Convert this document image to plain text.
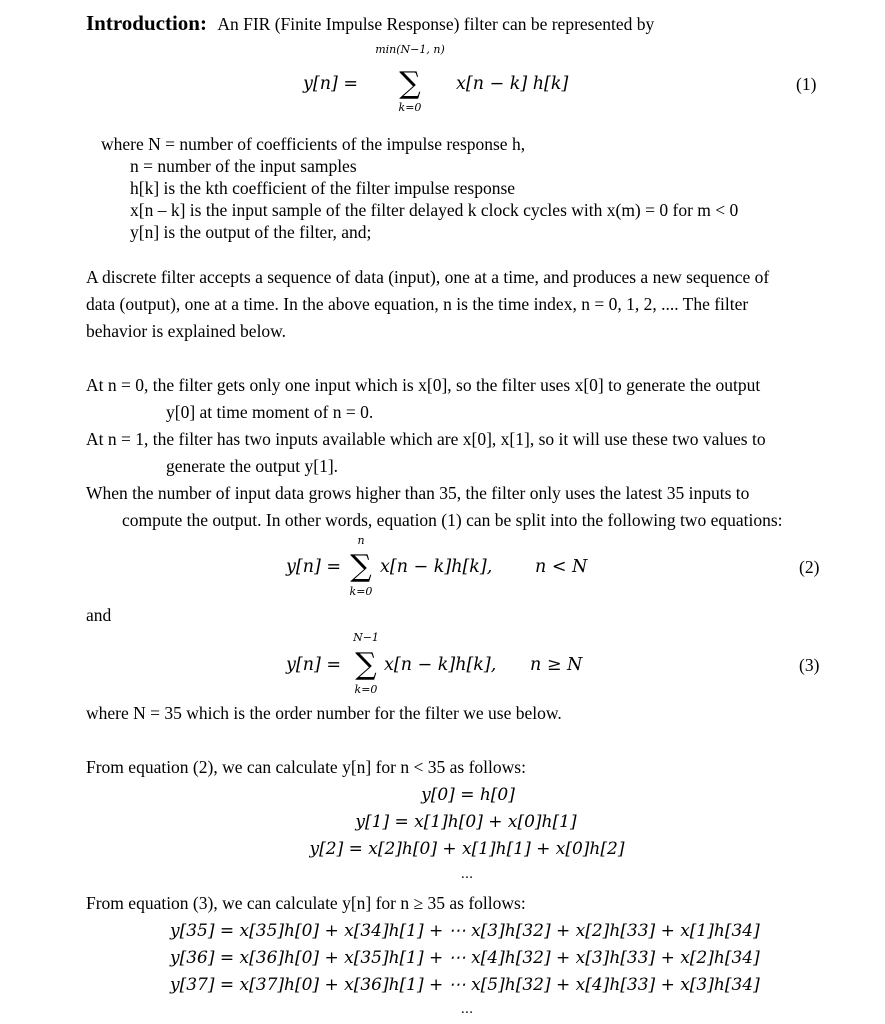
Introduction: An FIR (Finite Impulse Response) filter can be represented by
y[n] =
min(N−1, n)
∑
k=0
x[n − k] h[k]	(1)
where N = number of coefficients of the impulse response h,
n = number of the input samples
h[k] is the kth coefficient of the filter impulse response
x[n – k] is the input sample of the filter delayed k clock cycles with x(m) = 0 for m < 0
y[n] is the output of the filter, and;
A discrete filter accepts a sequence of data (input), one at a time, and produces a new sequence of
data (output), one at a time. In the above equation, n is the time index, n = 0, 1, 2, .... The filter
behavior is explained below.
At n = 0, the filter gets only one input which is x[0], so the filter uses x[0] to generate the output
y[0] at time moment of n = 0.
At n = 1, the filter has two inputs available which are x[0], x[1], so it will use these two values to
generate the output y[1].
When the number of input data grows higher than 35, the filter only uses the latest 35 inputs to
compute the output. In other words, equation (1) can be split into the following two equations:
y[n] =
n
∑
k=0
x[n − k]h[k], n < N	(2)
and
y[n] =
N−1
∑
k=0
x[n − k]h[k], n ≥ N	(3)
where N = 35 which is the order number for the filter we use below.
From equation (2), we can calculate y[n] for n < 35 as follows:
y[0] = h[0]
y[1] = x[1]h[0] + x[0]h[1]
y[2] = x[2]h[0] + x[1]h[1] + x[0]h[2]
...
From equation (3), we can calculate y[n] for n ≥ 35 as follows:
y[35] = x[35]h[0] + x[34]h[1] + ⋯ x[3]h[32] + x[2]h[33] + x[1]h[34]
y[36] = x[36]h[0] + x[35]h[1] + ⋯ x[4]h[32] + x[3]h[33] + x[2]h[34]
y[37] = x[37]h[0] + x[36]h[1] + ⋯ x[5]h[32] + x[4]h[33] + x[3]h[34]
...
